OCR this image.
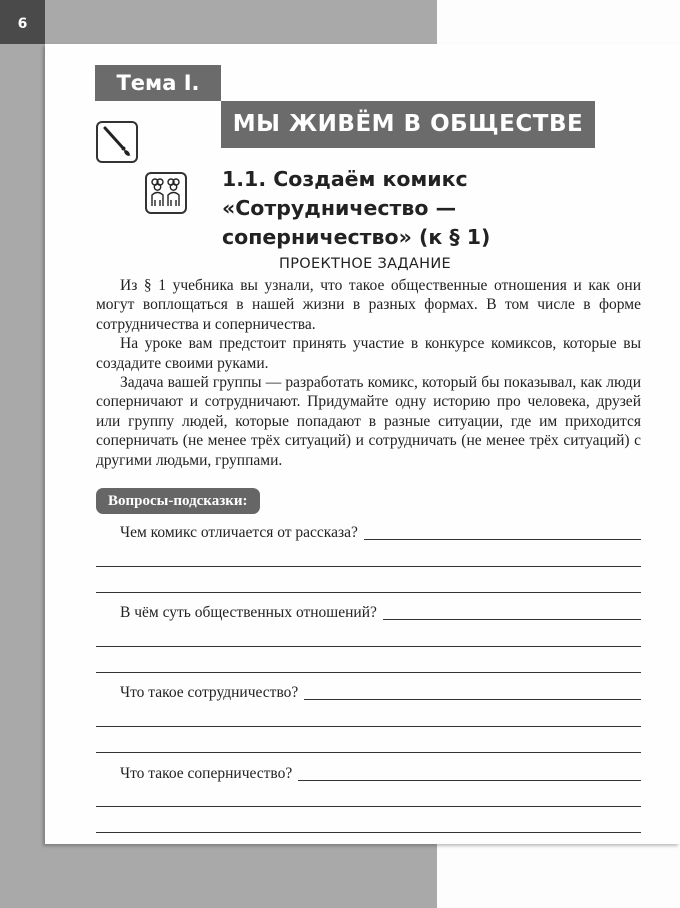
6
Тема I.
МЫ ЖИВЁМ В ОБЩЕСТВЕ
1.1. Создаём комикс
«Сотрудничество —
соперничество» (к § 1)
ПРОЕКТНОЕ ЗАДАНИЕ

Из § 1 учебника вы узнали, что такое общественные отношения и как они могут воплощаться в нашей жизни в разных формах. В том числе в форме сотрудничества и соперничества.

На уроке вам предстоит принять участие в конкурсе комиксов, которые вы создадите своими руками.

Задача вашей группы — разработать комикс, который бы показывал, как люди соперничают и сотрудничают. Придумайте одну историю про человека, друзей или группу людей, которые попадают в разные ситуации, где им приходится соперничать (не менее трёх ситуаций) и сотрудничать (не менее трёх ситуаций) с другими людьми, группами.

Вопросы-подсказки:
Чем комикс отличается от рассказа?
В чём суть общественных отношений?
Что такое сотрудничество?
Что такое соперничество?
